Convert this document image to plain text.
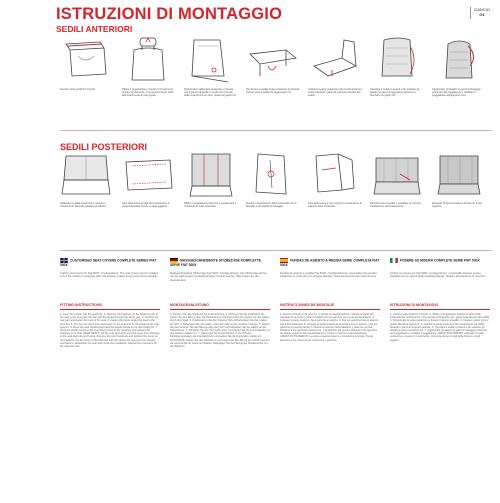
ISTRUZIONI DI MONTAGGIO
SEDILI ANTERIORI
GANCIO
G1
Inserire nella guida P1 il bordo	Sfilare il poggiatesta e inserire il rivestimento di solo fornitemente. Il terrecento bordo solle alla brachi lesta di parti guida.
Posizionare nella parte posteriore e fissare con il gancio al sedile in modo che il bordo della copertura a un sirco riposti sul ganci G1.
Per fissare a sedile il lato posteriore le fascette interne sotto il sedile da agganciare G1.
Calzare la parte posteriore del rivestimento sul sedile fissando i ganci al supporto laterale del sedile.
Spostare il sedile in avanti e far passare gli elastici ai ganci di aggancio posteriore e bloccarlo coi ganci G1.
Agganciare gli elastici ai ganci di fissaggio posteriori del poggiatesta e reinfilare il poggiatesta nell'apposito foro.
SEDILI POSTERIORI
Sollevare il sedile posteriore e inserire il rivestimento facendo passare gli elastici.
Fare attenzione ai tagli del rivestimento in prossimità delle cinture e degli agganci.
Sfilare i poggiatesta posteriori e posizionare il rivestimento sullo schienale.
Fissare il rivestimento dello schienale con le fascette e gli elastici di fissaggio.
Fare attenzione a non coprire il meccanismo di sgancio dello schienale.
Riposizionare il sedile e verificare la corretta installazione del rivestimento.
Eseguire l'intera procedura anche per il lato opposto.
CUSTOMISED SEAT COVERS COMPLETE SERIES FIAT 500X
Carbon seat covers for Fiat 500X. Configurations: The seat covers can be installed only if the vehicle is equipped with side airbags. Follow these instructions carefully.
FITTING INSTRUCTIONS
1. Insert the bolster into the guide P1. 2. Remove the headrest, fit the backrest part of the seat cover and pass the flap with the hooks through the seat's gap. 3. Position the rear part and fasten the hook to the seat. 4. Fasten the hooks under the seat to the front bar. 5. Put the rear part of the seat cover on the seat and fix the hooks at the side support. 6. Move the seat forward and pass the elastic bands to the rear hooks G1. 7. Hook the elastic bands to the rear fixing hooks of the headrest and reinsert the headrest in its hole. REAR SEATS: Lift the rear seat and insert the cover. Pay attention to the seat belt cuts and hooks. Remove the rear headrests and position the cover on the backrest. Fix the cover of the backrest with the straps. Do not cover the release mechanism. Reposition the seat and check the installation. Repeat the procedure for the opposite side.
MASSGESCHNEIDERTE SITZBEZÜGE KOMPLETTE SERIE FIAT 500X
Maßgeschneiderte Sitzbezüge Fiat 500X. Konfigurationen: Die Sitzbezüge dürfen nur bei Fahrzeugen mit Seitenairbags montiert werden. Bitte folgen Sie den Anweisungen.
MONTAGEANLEITUNG
1. Stecken Sie den Schlauch P1 in die Führung. 2. Nehmen Sie die Kopfstütze ab, ziehen Sie den Bezug über die Rückenlehne und führen Sie die Lasche mit den Haken durch den Spalt. 3. Positionieren Sie den hinteren Teil und befestigen Sie den Haken am Sitz. 4. Befestigen Sie die Haken unter dem Sitz an der vorderen Stange. 5. Ziehen Sie den hinteren Teil des Bezugs über den Sitz und befestigen Sie die Haken an der Seitenstütze. 6. Schieben Sie den Sitz nach vorne und führen Sie die Gummibänder zu den hinteren Haken G1. 7. Haken Sie die Gummibänder in die hinteren Befestigungshaken der Kopfstütze ein und setzen Sie die Kopfstütze wieder ein. RÜCKSITZE: Heben Sie den Rücksitz an und legen Sie den Bezug ein. Achten Sie auf die Ausschnitte für Gurte und Haken. Befestigen Sie den Bezug der Rückenlehne mit den Bändern.
FUNDAS DE ASIENTO A MEDIDA SERIE COMPLETA FIAT 500X
Fundas de asiento a medida Fiat 500X. Configuraciones: Las fundas solo pueden instalarse en vehículos con airbags laterales. Siga atentamente las instrucciones.
INSTRUCCIONES DE MONTAJE
1. Inserte el borde en la guía P1. 2. Retire el reposacabezas, coloque la parte del respaldo de la funda y pase la solapa con los ganchos por la ranura del asiento. 3. Coloque la parte trasera y fije el gancho al asiento. 4. Fije los ganchos bajo el asiento a la barra delantera. 5. Coloque la parte trasera de la funda sobre el asiento y fije los ganchos al soporte lateral. 6. Mueva el asiento hacia adelante y pase las gomas elásticas a los ganchos traseros G1. 7. Enganche las gomas elásticas a los ganchos de fijación traseros del reposacabezas y vuelva a colocar el reposacabezas. ASIENTOS TRASEROS: Levante el asiento trasero e introduzca la funda. Preste atención a los cortes de los cinturones y ganchos.
FODERE SU MISURA COMPLETE SERIE FIAT 500X
Fodere su misura per Fiat 500X. Configurazioni: i coprisedili possono essere installati solo su veicoli dotati di airbag laterali. Seguire attentamente le istruzioni.
ISTRUZIONI DI MONTAGGIO
1. Inserire nella guida P1 il bordo. 2. Sfilare il poggiatesta, calzare la parte dello schienale del rivestimento e far passare la linguetta con i ganci nella fessura del sedile. 3. Posizionare la parte posteriore e fissare il gancio al sedile. 4. Fissare i ganci sotto il sedile alla barra anteriore. 5. Calzare la parte posteriore del rivestimento sul sedile fissando i ganci al supporto laterale. 6. Spostare il sedile in avanti e far passare gli elastici ai ganci posteriori G1. 7. Agganciare gli elastici ai ganci di fissaggio posteriori del poggiatesta e reinfilare il poggiatesta. SEDILI POSTERIORI: sollevare il sedile posteriore e inserire il rivestimento. Fare attenzione ai tagli delle cinture e degli agganci.
